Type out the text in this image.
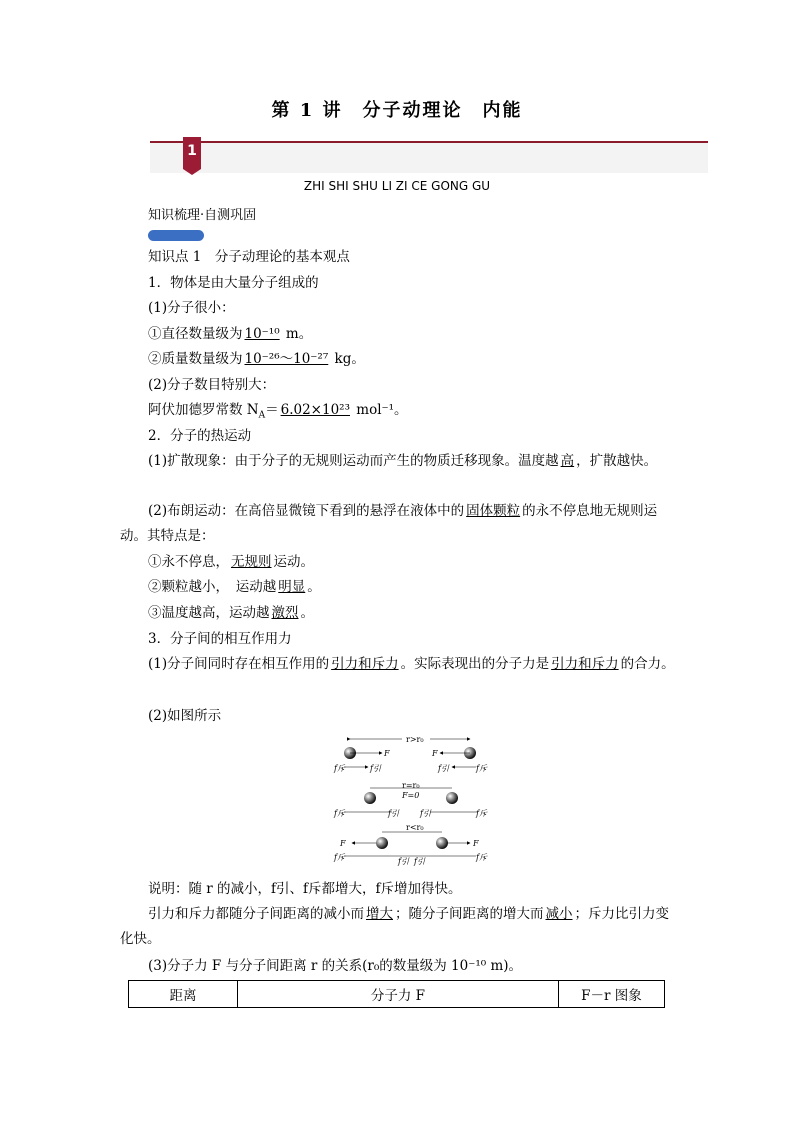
第 1 讲　分子动理论　内能
1
ZHI SHI SHU LI ZI CE GONG GU
知识梳理·自测巩固
知识点 1　分子动理论的基本观点
1．物体是由大量分子组成的
(1)分子很小：
①直径数量级为 10⁻¹⁰ m。
②质量数量级为 10⁻²⁶～10⁻²⁷ kg。
(2)分子数目特别大：
阿伏加德罗常数 $N_A= 6.02\times 10^{23}$ mol⁻¹。
2．分子的热运动
(1)扩散现象：由于分子的无规则运动而产生的物质迁移现象。温度越 高 ，扩散越快。
(2)布朗运动：在高倍显微镜下看到的悬浮在液体中的 固体颗粒 的永不停息地无规则运动。其特点是：
①永不停息， 无规则 运动。
②颗粒越小，　运动越 明显 。
③温度越高，运动越 激烈 。
3．分子间的相互作用力
(1)分子间同时存在相互作用的 引力和斥力 。实际表现出的分子力是 引力和斥力 的合力。
(2)如图所示
r>r₀
F	F
f斥	f引	f引	f斥
r=r₀
F=0
f斥	f引	f引	f斥
r<r₀
F	F
f斥	f引 f引	f斥
说明：随 r 的减小，f引、f斥都增大，f斥增加得快。
引力和斥力都随分子间距离的减小而 增大 ；随分子间距离的增大而 减小 ；斥力比引力变化快。
(3)分子力 F 与分子间距离 r 的关系(r₀的数量级为 10⁻¹⁰ m)。
距离	分子力 F	F－r 图象
